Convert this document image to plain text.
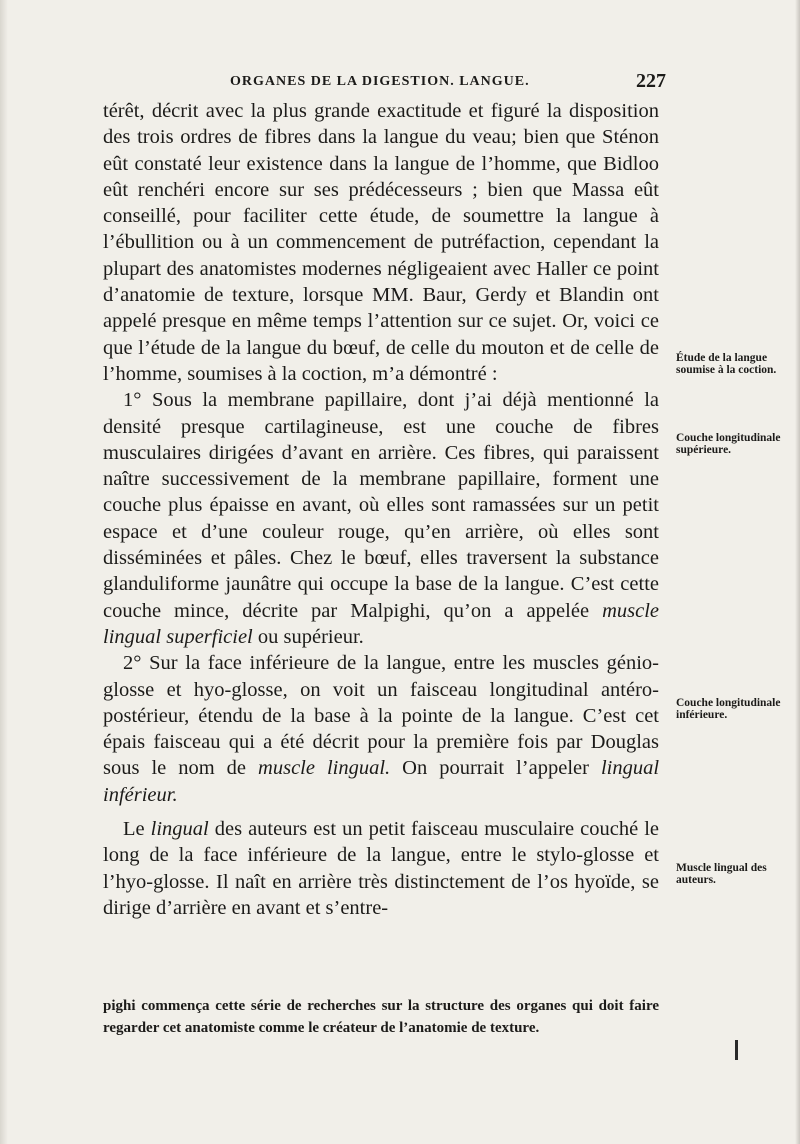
ORGANES DE LA DIGESTION. LANGUE.	227

térêt, décrit avec la plus grande exactitude et figuré la disposition des trois ordres de fibres dans la langue du veau; bien que Sténon eût constaté leur existence dans la langue de l’homme, que Bidloo eût renchéri encore sur ses prédécesseurs ; bien que Massa eût conseillé, pour faciliter cette étude, de soumettre la langue à l’ébullition ou à un commencement de putréfaction, cependant la plupart des anatomistes modernes négligeaient avec Haller ce point d’anatomie de texture, lorsque MM. Baur, Gerdy et Blandin ont appelé presque en même temps l’attention sur ce sujet. Or, voici ce que l’étude de la langue du bœuf, de celle du mouton et de celle de l’homme, soumises à la coction, m’a démontré :

1° Sous la membrane papillaire, dont j’ai déjà mentionné la densité presque cartilagineuse, est une couche de fibres musculaires dirigées d’avant en arrière. Ces fibres, qui paraissent naître successivement de la membrane papillaire, forment une couche plus épaisse en avant, où elles sont ramassées sur un petit espace et d’une couleur rouge, qu’en arrière, où elles sont disséminées et pâles. Chez le bœuf, elles traversent la substance glanduliforme jaunâtre qui occupe la base de la langue. C’est cette couche mince, décrite par Malpighi, qu’on a appelée muscle lingual superficiel ou supérieur.

2° Sur la face inférieure de la langue, entre les muscles génio-glosse et hyo-glosse, on voit un faisceau longitudinal antéro-postérieur, étendu de la base à la pointe de la langue. C’est cet épais faisceau qui a été décrit pour la première fois par Douglas sous le nom de muscle lingual. On pourrait l’appeler lingual inférieur.

Le lingual des auteurs est un petit faisceau musculaire couché le long de la face inférieure de la langue, entre le stylo-glosse et l’hyo-glosse. Il naît en arrière très distinctement de l’os hyoïde, se dirige d’arrière en avant et s’entre-

Étude de la langue soumise à la coction.
Couche longitudinale supérieure.
Couche longitudinale inférieure.
Muscle lingual des auteurs.

pighi commença cette série de recherches sur la structure des organes qui doit faire regarder cet anatomiste comme le créateur de l’anatomie de texture.
